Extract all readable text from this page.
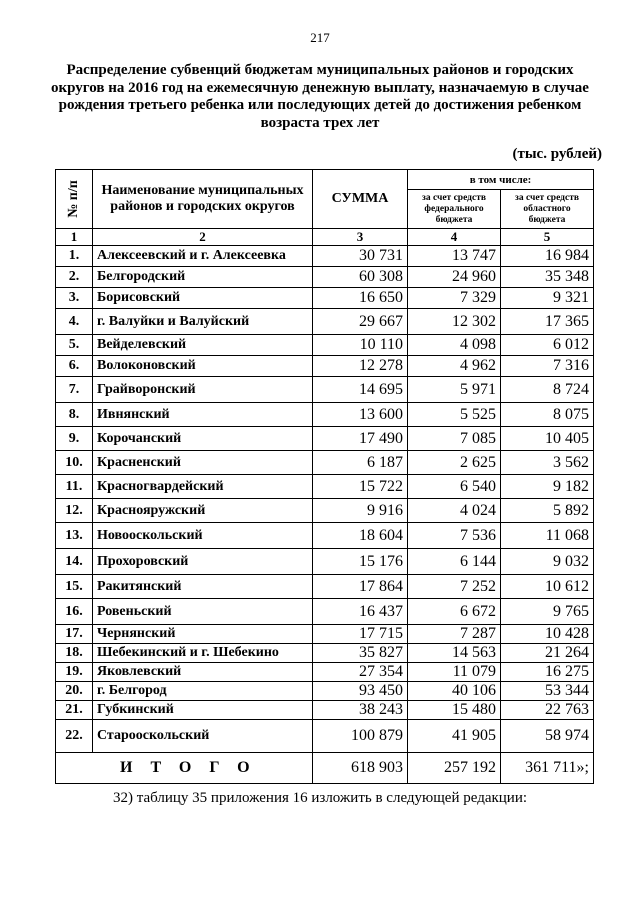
217
Распределение субвенций бюджетам муниципальных районов и городских округов на 2016 год на ежемесячную денежную выплату, назначаемую в случае рождения третьего ребенка или последующих детей до достижения ребенком возраста трех лет
(тыс. рублей)
№ п/п	Наименование муниципальных районов и городских округов	СУММА	в том числе:	
			за счет средств федерального бюджета	за счет средств областного бюджета
1	2	3	4	5
1.	Алексеевский и г. Алексеевка	30 731	13 747	16 984
2.	Белгородский	60 308	24 960	35 348
3.	Борисовский	16 650	7 329	9 321
4.	г. Валуйки и Валуйский	29 667	12 302	17 365
5.	Вейделевский	10 110	4 098	6 012
6.	Волоконовский	12 278	4 962	7 316
7.	Грайворонский	14 695	5 971	8 724
8.	Ивнянский	13 600	5 525	8 075
9.	Корочанский	17 490	7 085	10 405
10.	Красненский	6 187	2 625	3 562
11.	Красногвардейский	15 722	6 540	9 182
12.	Краснояружский	9 916	4 024	5 892
13.	Новооскольский	18 604	7 536	11 068
14.	Прохоровский	15 176	6 144	9 032
15.	Ракитянский	17 864	7 252	10 612
16.	Ровеньский	16 437	6 672	9 765
17.	Чернянский	17 715	7 287	10 428
18.	Шебекинский и г. Шебекино	35 827	14 563	21 264
19.	Яковлевский	27 354	11 079	16 275
20.	г. Белгород	93 450	40 106	53 344
21.	Губкинский	38 243	15 480	22 763
22.	Старооскольский	100 879	41 905	58 974
ИТОГО		618 903	257 192	361 711»;
32) таблицу 35 приложения 16 изложить в следующей редакции:
